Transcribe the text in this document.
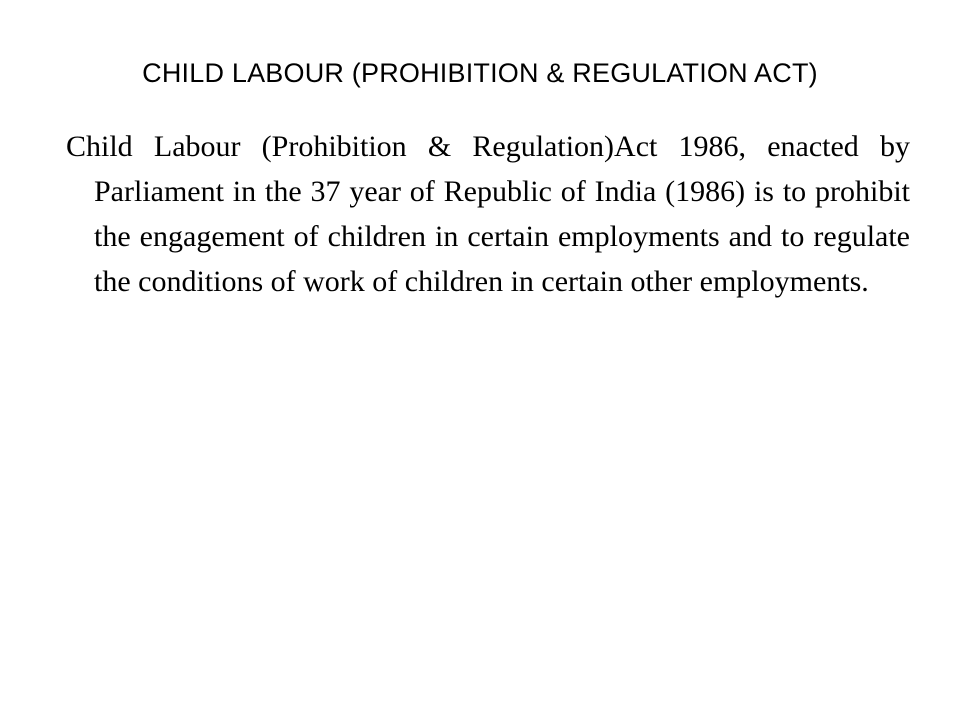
CHILD LABOUR (PROHIBITION & REGULATION ACT)
Child Labour (Prohibition & Regulation)Act 1986, enacted by Parliament in the 37 year of Republic of India (1986) is to prohibit the engagement of children in certain employments and to regulate the conditions of work of children in certain other employments.
